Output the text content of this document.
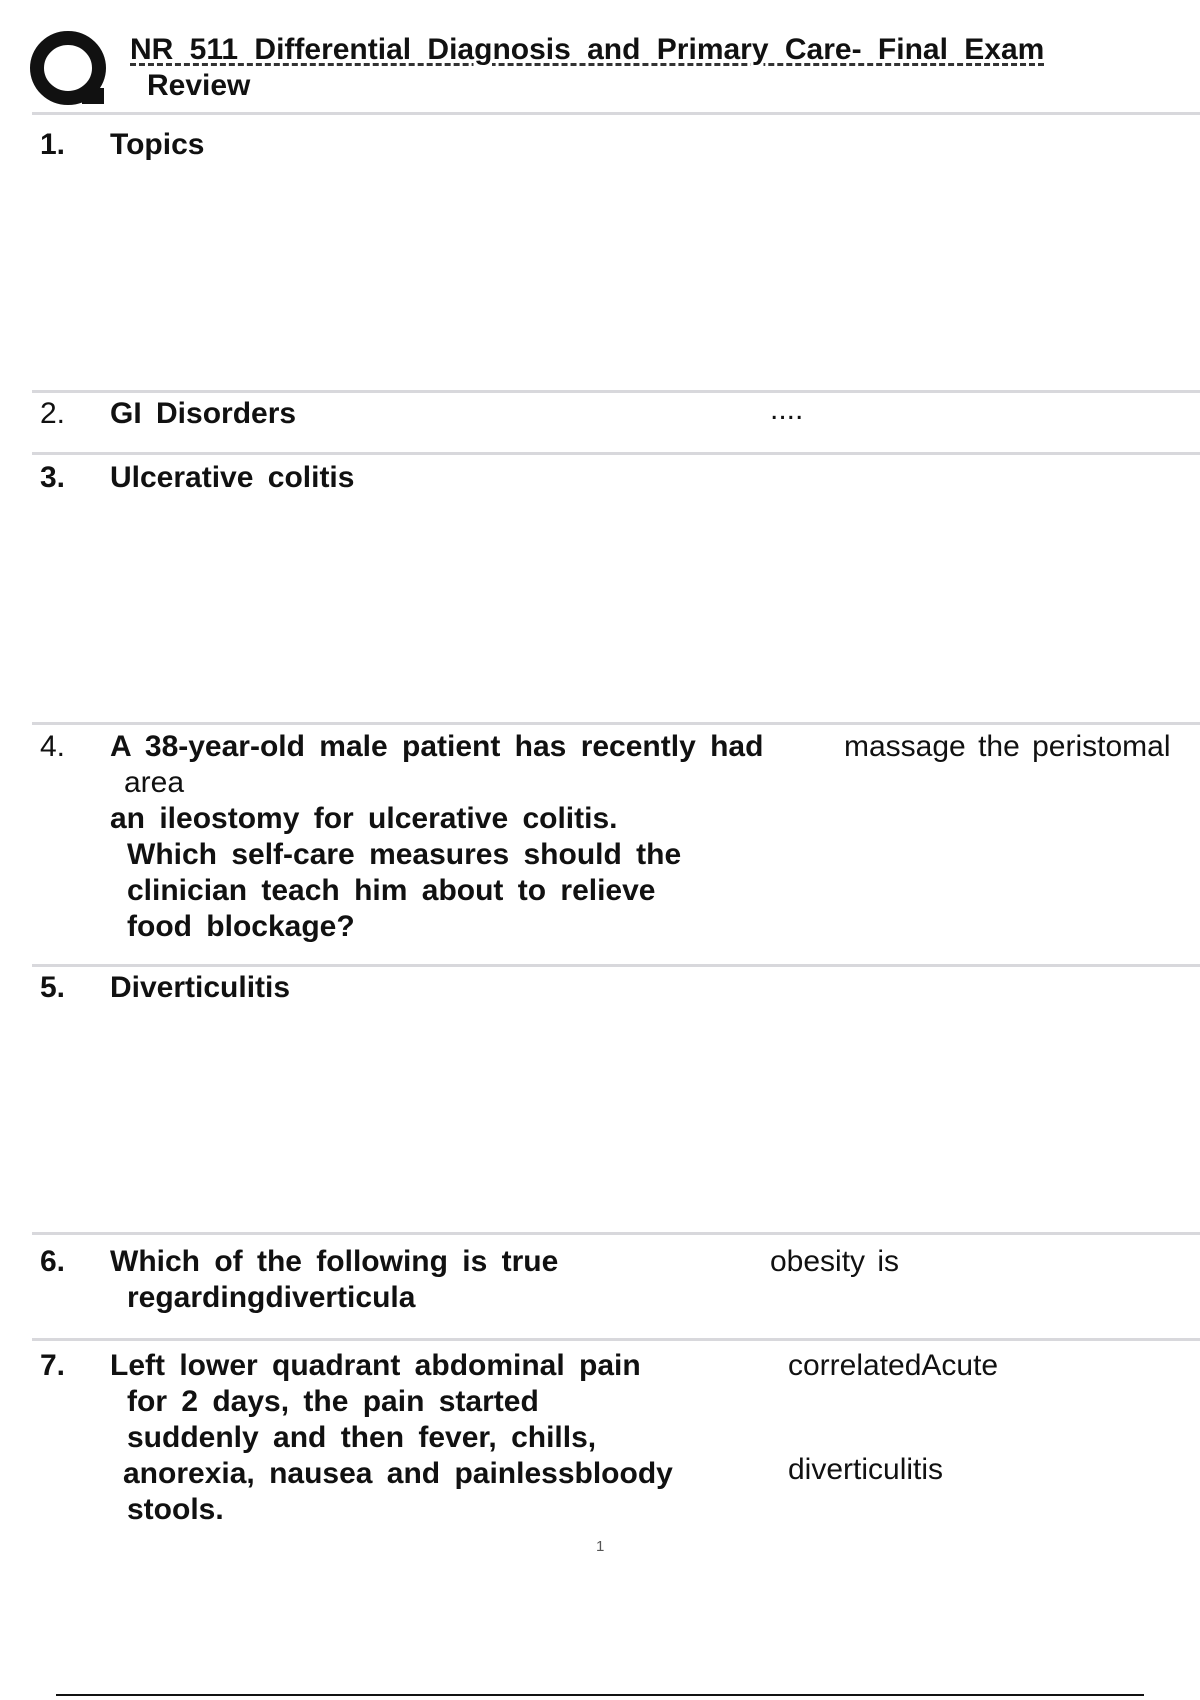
NR 511 Differential Diagnosis and Primary Care- Final Exam
Review
1. Topics
2. GI Disorders	....
3. Ulcerative colitis
4. A 38-year-old male patient has recently had
an ileostomy for ulcerative colitis.
Which self-care measures should the
clinician teach him about to relieve
food blockage?
massage the peristomal
area
5. Diverticulitis
6. Which of the following is true
regardingdiverticula
obesity is
7. Left lower quadrant abdominal pain
for 2 days, the pain started
suddenly and then fever, chills,
anorexia, nausea and painlessbloody
stools.
correlatedAcute
diverticulitis
1
